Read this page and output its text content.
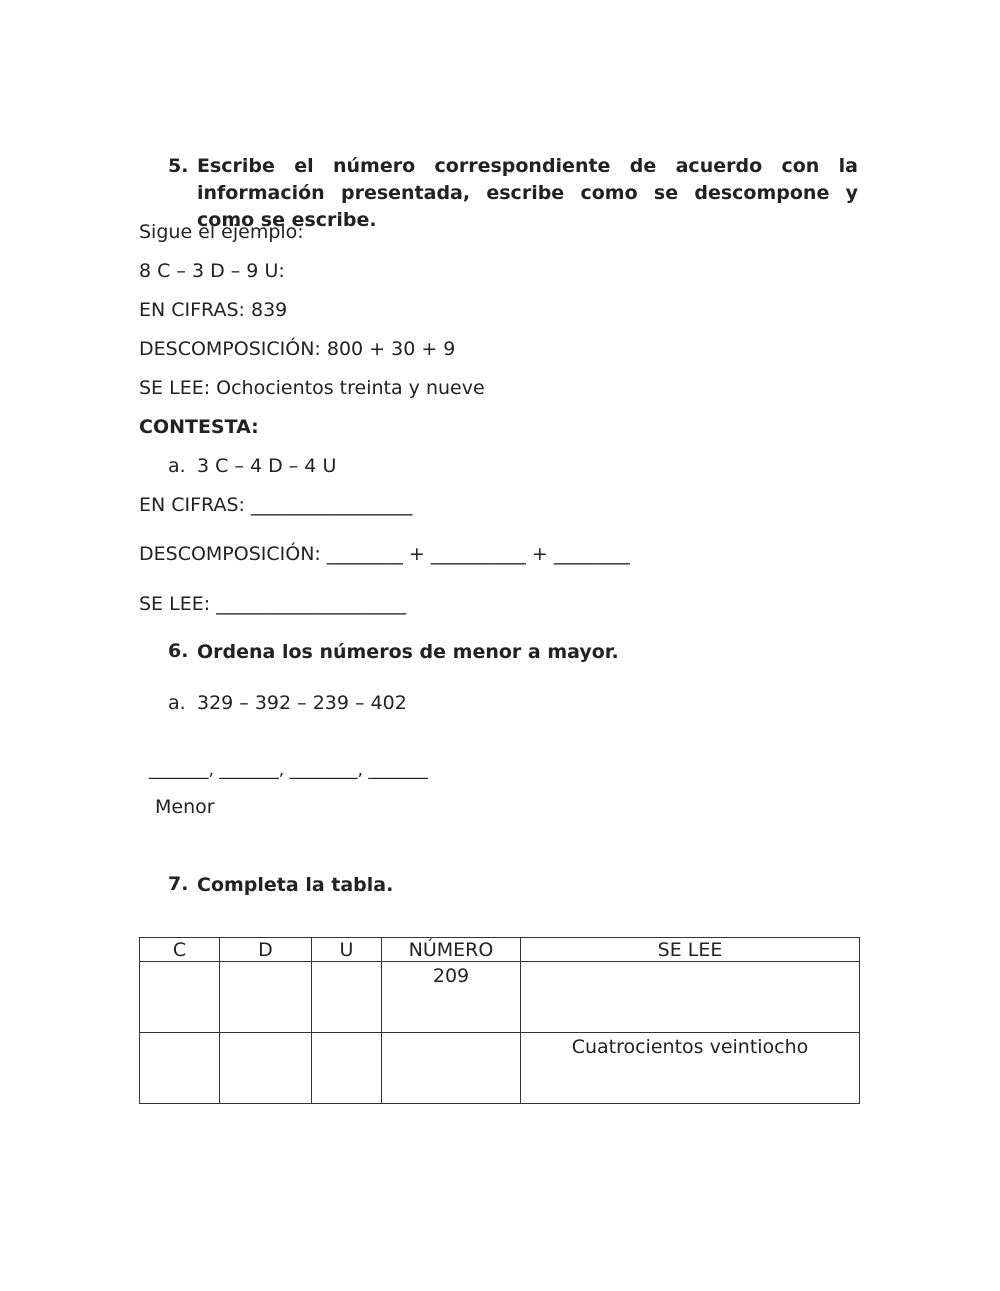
5. Escribe el número correspondiente de acuerdo con la información presentada, escribe como se descompone y como se escribe.
Sigue el ejemplo:
8 C – 3 D – 9 U:
EN CIFRAS: 839
DESCOMPOSICIÓN: 800 + 30 + 9
SE LEE: Ochocientos treinta y nueve
CONTESTA:
a. 3 C – 4 D – 4 U
EN CIFRAS: _________________
DESCOMPOSICIÓN: ________ + __________ + ________
SE LEE: ____________________
6. Ordena los números de menor a mayor.
a. 329 – 392 – 239 – 402
_______, _______, ________, _______
Menor
7. Completa la tabla.
C	D	U	NÚMERO	SE LEE
			209	
				Cuatrocientos veintiocho
